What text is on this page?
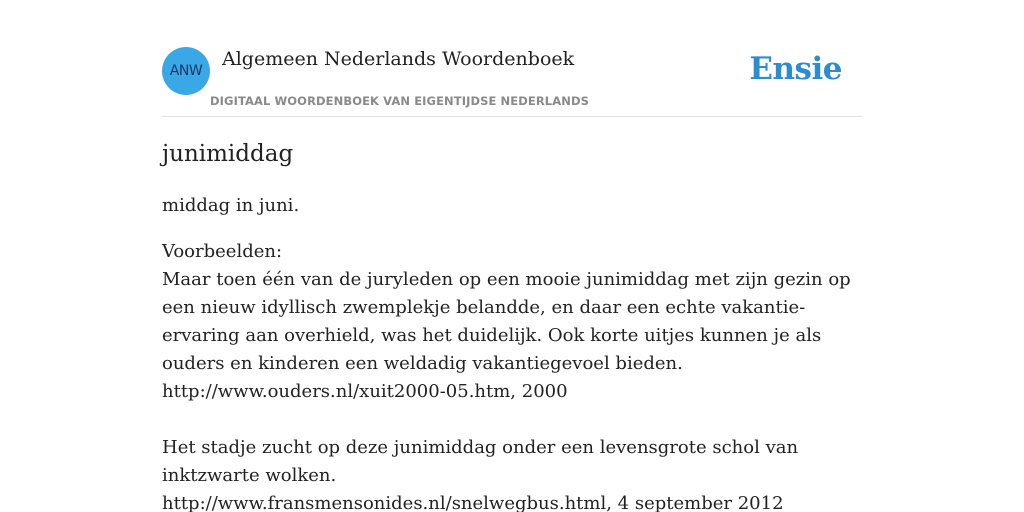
ANW
Algemeen Nederlands Woordenboek
DIGITAAL WOORDENBOEK VAN EIGENTIJDSE NEDERLANDS
Ensie
junimiddag
middag in juni.
Voorbeelden:
Maar toen één van de juryleden op een mooie junimiddag met zijn gezin op een nieuw idyllisch zwemplekje belandde, en daar een echte vakantie-ervaring aan overhield, was het duidelijk. Ook korte uitjes kunnen je als ouders en kinderen een weldadig vakantiegevoel bieden.
http://www.ouders.nl/xuit2000-05.htm, 2000
Het stadje zucht op deze junimiddag onder een levensgrote schol van inktzwarte wolken.
http://www.fransmensonides.nl/snelwegbus.html, 4 september 2012
